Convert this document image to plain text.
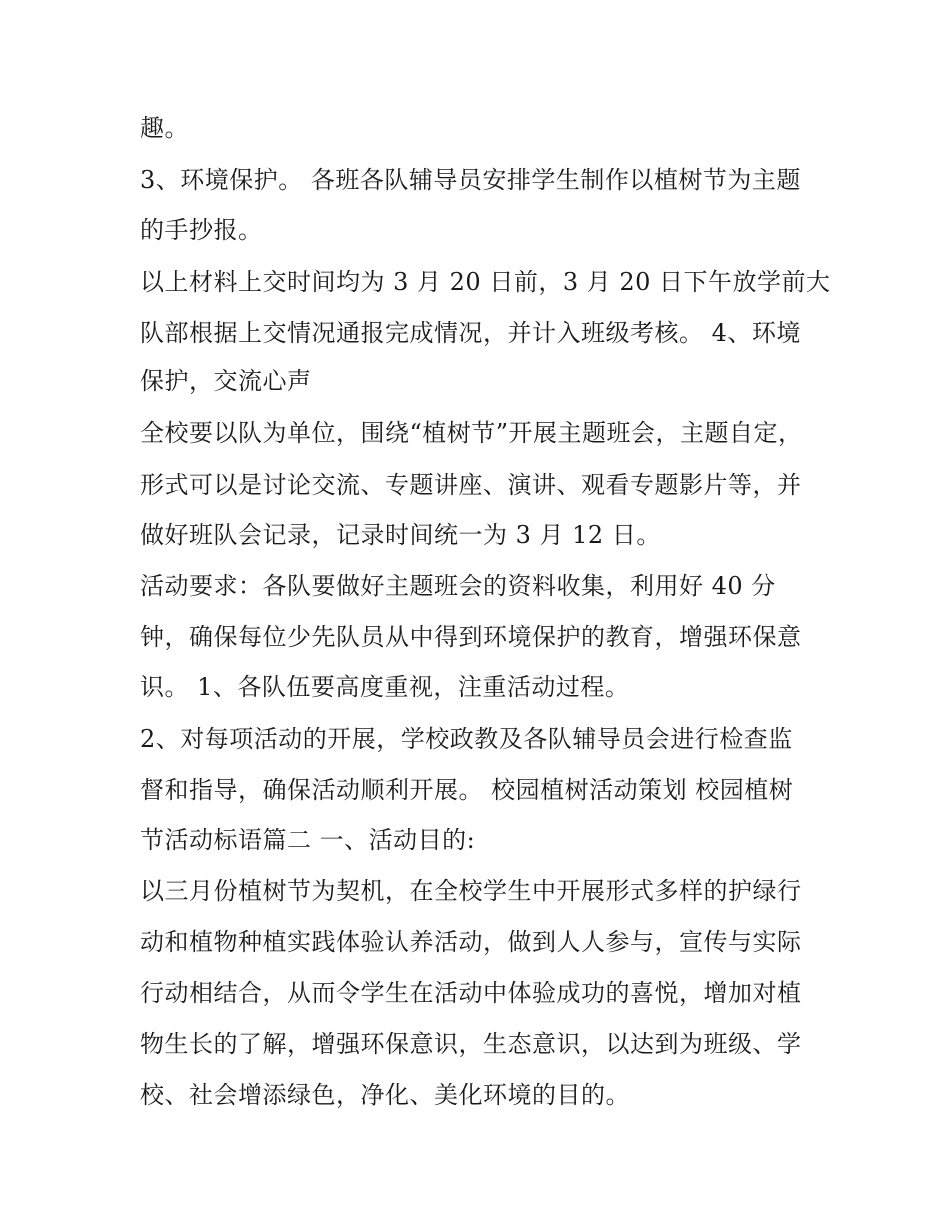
趣。
3、环境保护。 各班各队辅导员安排学生制作以植树节为主题
的手抄报。
以上材料上交时间均为 3 月 20 日前，3 月 20 日下午放学前大
队部根据上交情况通报完成情况，并计入班级考核。 4、环境
保护，交流心声
全校要以队为单位，围绕“植树节”开展主题班会，主题自定，
形式可以是讨论交流、专题讲座、演讲、观看专题影片等，并
做好班队会记录，记录时间统一为 3 月 12 日。
活动要求：各队要做好主题班会的资料收集，利用好 40 分
钟，确保每位少先队员从中得到环境保护的教育，增强环保意
识。 1、各队伍要高度重视，注重活动过程。
2、对每项活动的开展，学校政教及各队辅导员会进行检查监
督和指导，确保活动顺利开展。 校园植树活动策划 校园植树
节活动标语篇二 一、活动目的:
以三月份植树节为契机，在全校学生中开展形式多样的护绿行
动和植物种植实践体验认养活动，做到人人参与，宣传与实际
行动相结合，从而令学生在活动中体验成功的喜悦，增加对植
物生长的了解，增强环保意识，生态意识，以达到为班级、学
校、社会增添绿色，净化、美化环境的目的。
